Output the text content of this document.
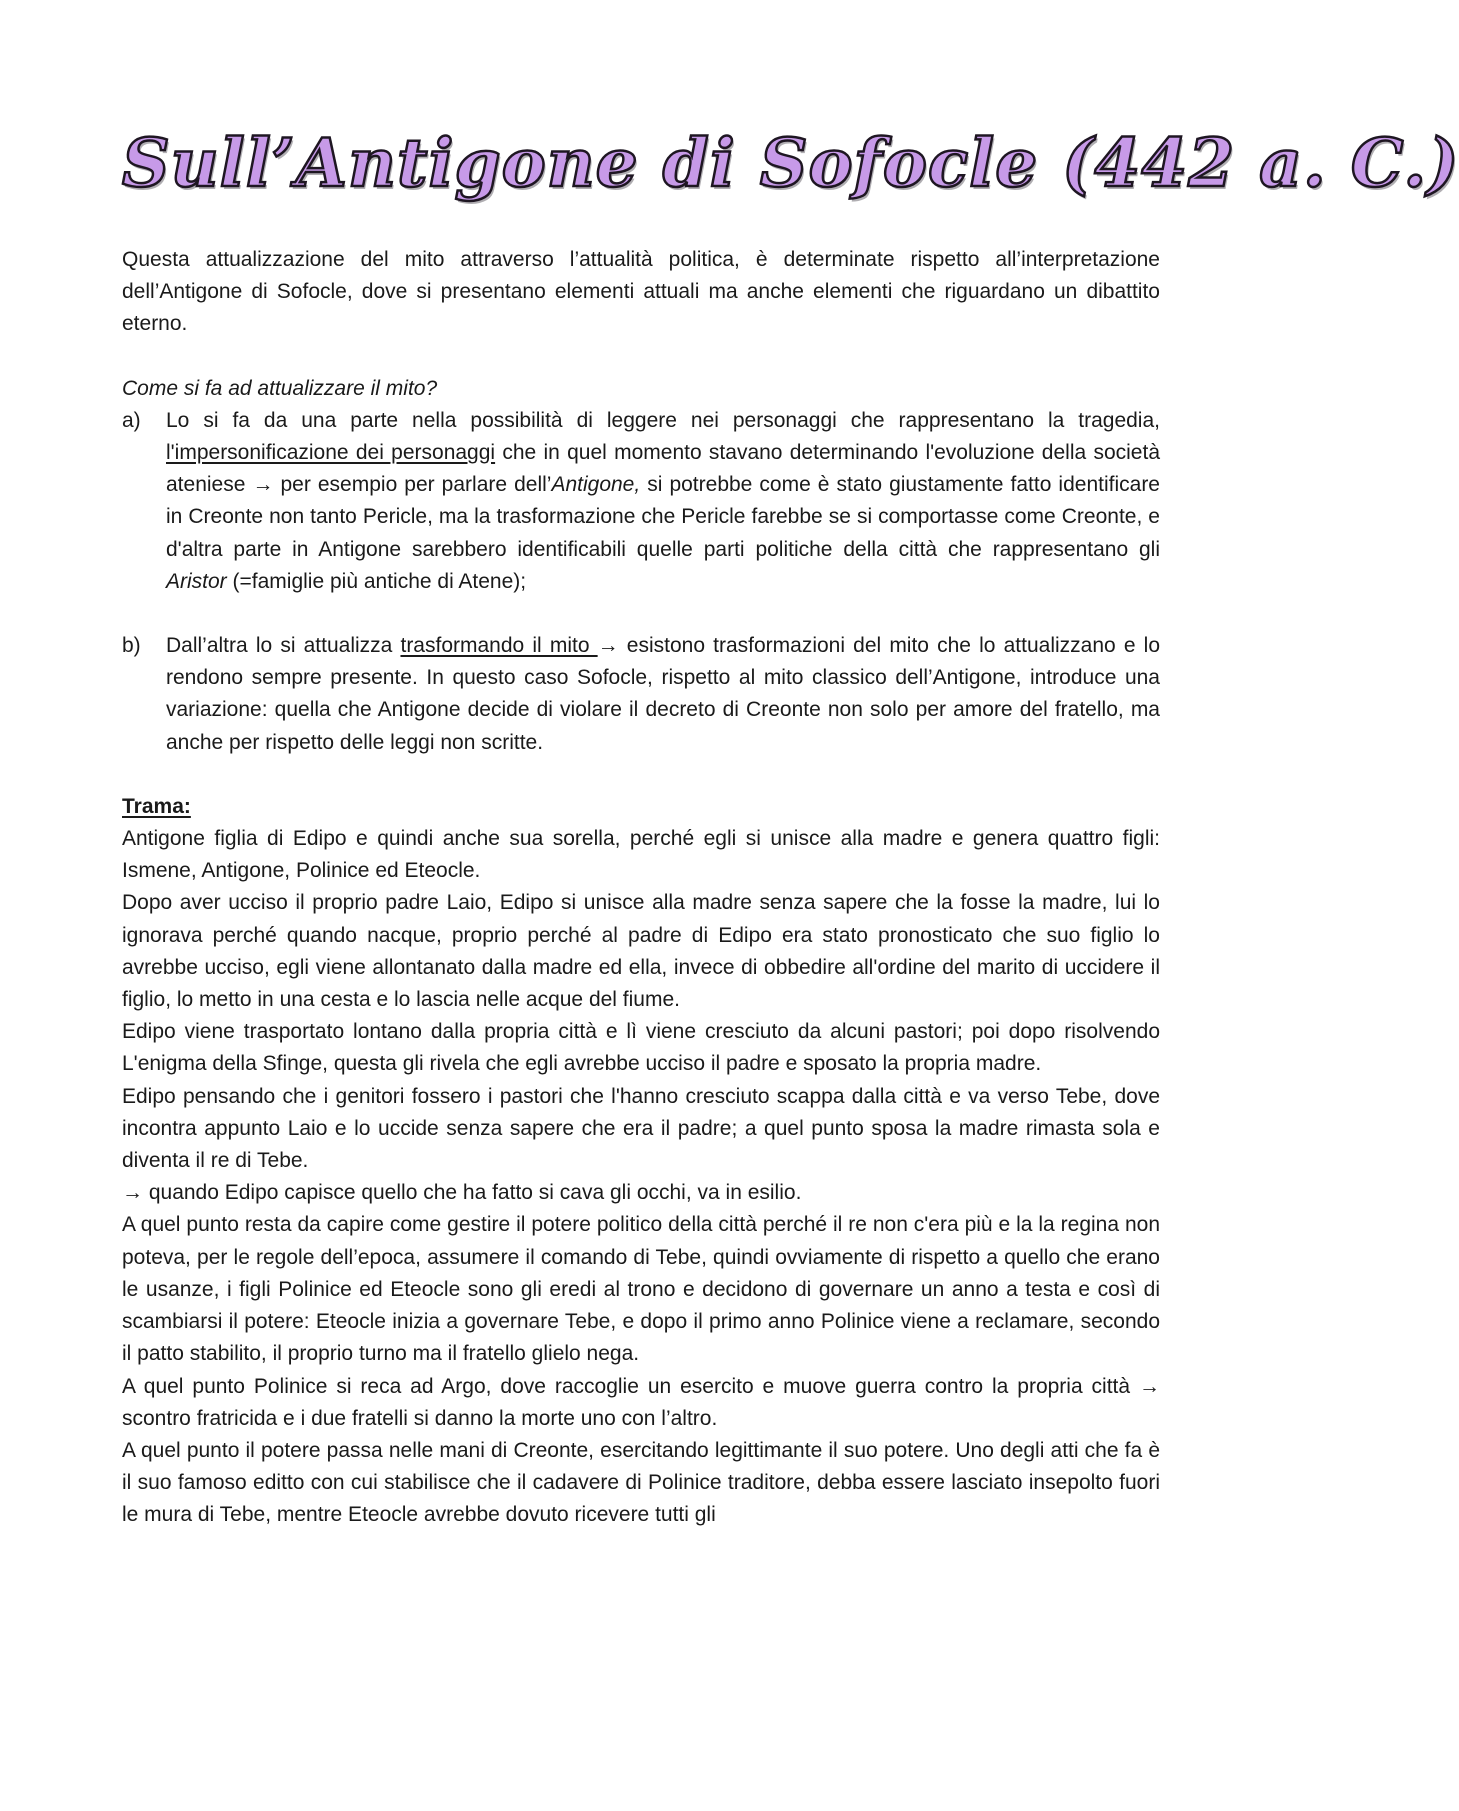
Sull’Antigone di Sofocle (442 a. C.)

Questa attualizzazione del mito attraverso l’attualità politica, è determinate rispetto all’interpretazione dell’Antigone di Sofocle, dove si presentano elementi attuali ma anche elementi che riguardano un dibattito eterno.

Come si fa ad attualizzare il mito?

a) Lo si fa da una parte nella possibilità di leggere nei personaggi che rappresentano la tragedia, l'impersonificazione dei personaggi che in quel momento stavano determinando l'evoluzione della società ateniese → per esempio per parlare dell’Antigone, si potrebbe come è stato giustamente fatto identificare in Creonte non tanto Pericle, ma la trasformazione che Pericle farebbe se si comportasse come Creonte, e d'altra parte in Antigone sarebbero identificabili quelle parti politiche della città che rappresentano gli Aristor (=famiglie più antiche di Atene);
b) Dall’altra lo si attualizza trasformando il mito → esistono trasformazioni del mito che lo attualizzano e lo rendono sempre presente. In questo caso Sofocle, rispetto al mito classico dell’Antigone, introduce una variazione: quella che Antigone decide di violare il decreto di Creonte non solo per amore del fratello, ma anche per rispetto delle leggi non scritte.

Trama:

Antigone figlia di Edipo e quindi anche sua sorella, perché egli si unisce alla madre e genera quattro figli: Ismene, Antigone, Polinice ed Eteocle.

Dopo aver ucciso il proprio padre Laio, Edipo si unisce alla madre senza sapere che la fosse la madre, lui lo ignorava perché quando nacque, proprio perché al padre di Edipo era stato pronosticato che suo figlio lo avrebbe ucciso, egli viene allontanato dalla madre ed ella, invece di obbedire all'ordine del marito di uccidere il figlio, lo metto in una cesta e lo lascia nelle acque del fiume.

Edipo viene trasportato lontano dalla propria città e lì viene cresciuto da alcuni pastori; poi dopo risolvendo L'enigma della Sfinge, questa gli rivela che egli avrebbe ucciso il padre e sposato la propria madre.

Edipo pensando che i genitori fossero i pastori che l'hanno cresciuto scappa dalla città e va verso Tebe, dove incontra appunto Laio e lo uccide senza sapere che era il padre; a quel punto sposa la madre rimasta sola e diventa il re di Tebe.

→ quando Edipo capisce quello che ha fatto si cava gli occhi, va in esilio.

A quel punto resta da capire come gestire il potere politico della città perché il re non c'era più e la la regina non poteva, per le regole dell’epoca, assumere il comando di Tebe, quindi ovviamente di rispetto a quello che erano le usanze, i figli Polinice ed Eteocle sono gli eredi al trono e decidono di governare un anno a testa e così di scambiarsi il potere: Eteocle inizia a governare Tebe, e dopo il primo anno Polinice viene a reclamare, secondo il patto stabilito, il proprio turno ma il fratello glielo nega.

A quel punto Polinice si reca ad Argo, dove raccoglie un esercito e muove guerra contro la propria città → scontro fratricida e i due fratelli si danno la morte uno con l’altro.

A quel punto il potere passa nelle mani di Creonte, esercitando legittimante il suo potere. Uno degli atti che fa è il suo famoso editto con cui stabilisce che il cadavere di Polinice traditore, debba essere lasciato insepolto fuori le mura di Tebe, mentre Eteocle avrebbe dovuto ricevere tutti gli
